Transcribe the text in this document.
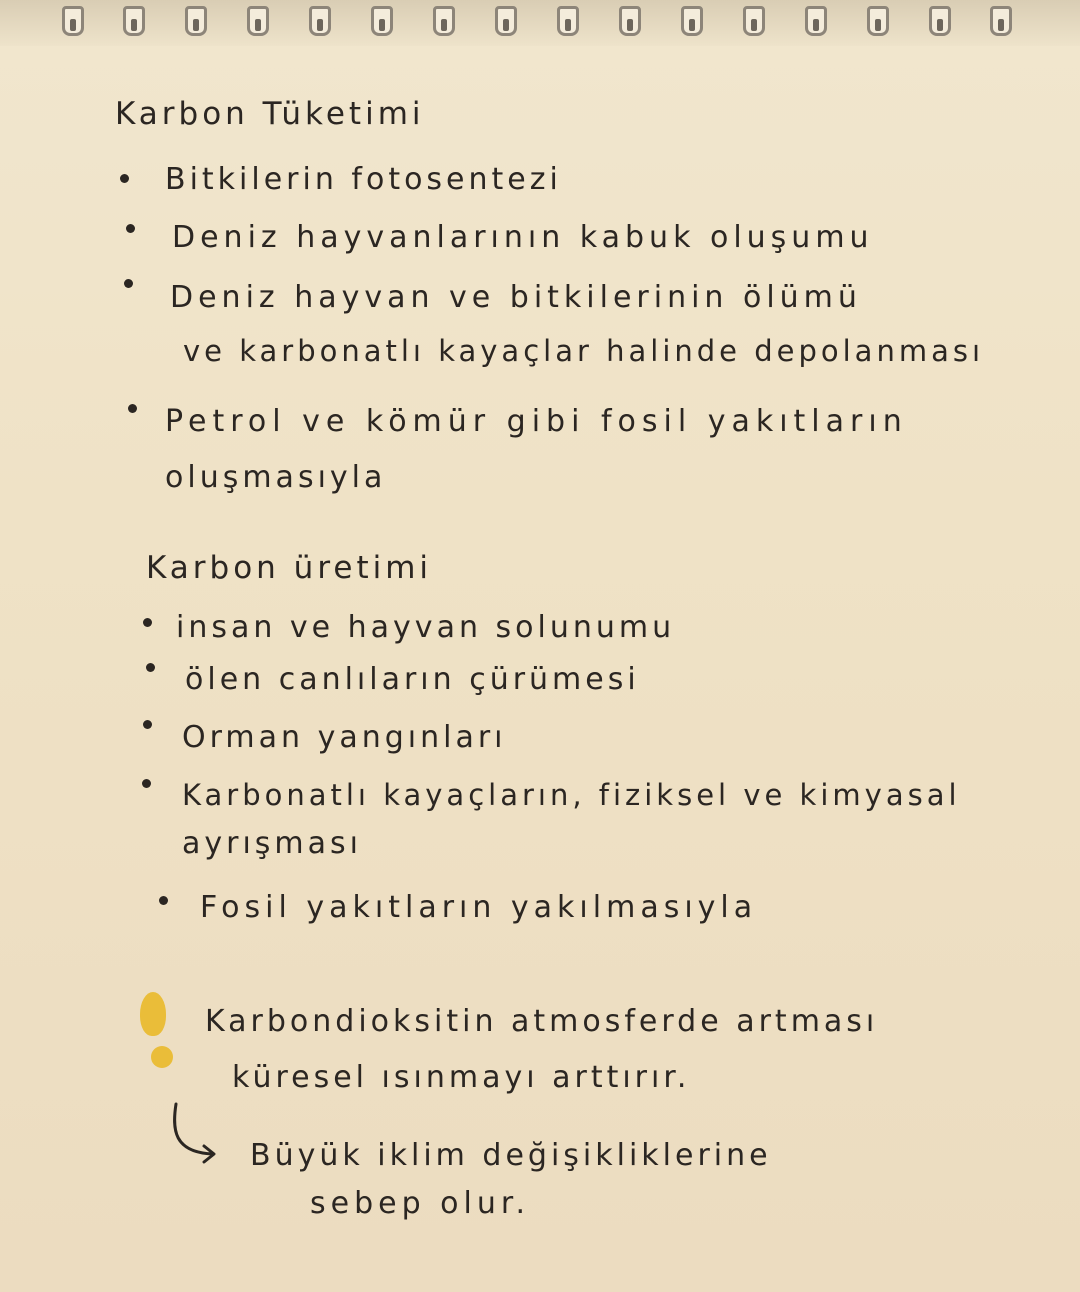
Karbon Tüketimi
Bitkilerin fotosentezi
Deniz hayvanlarının kabuk oluşumu
Deniz hayvan ve bitkilerinin ölümü
ve karbonatlı kayaçlar halinde depolanması
Petrol ve kömür gibi fosil yakıtların
oluşmasıyla
Karbon üretimi
insan ve hayvan solunumu
ölen canlıların çürümesi
Orman yangınları
Karbonatlı kayaçların, fiziksel ve kimyasal
ayrışması
Fosil yakıtların yakılmasıyla
Karbondioksitin atmosferde artması
küresel ısınmayı arttırır.
Büyük iklim değişikliklerine
sebep olur.
